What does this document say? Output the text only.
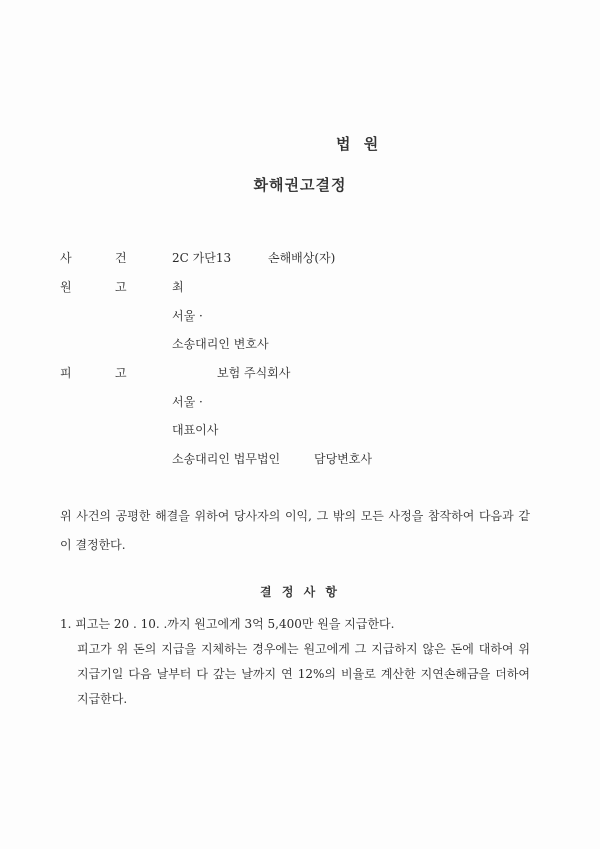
법 원
화해권고결정
사	건	2C 가단13	손해배상(자)
원	고	최
서울 ·
소송대리인 변호사
피	고	보험 주식회사
서울 ·
대표이사
소송대리인 법무법인	담당변호사
위 사건의 공평한 해결을 위하여 당사자의 이익, 그 밖의 모든 사정을 참작하여 다음과 같이 결정한다.
결 정 사 항
1. 피고는 20 . 10. .까지 원고에게 3억 5,400만 원을 지급한다.
피고가 위 돈의 지급을 지체하는 경우에는 원고에게 그 지급하지 않은 돈에 대하여 위 지급기일 다음 날부터 다 갚는 날까지 연 12%의 비율로 계산한 지연손해금을 더하여 지급한다.
